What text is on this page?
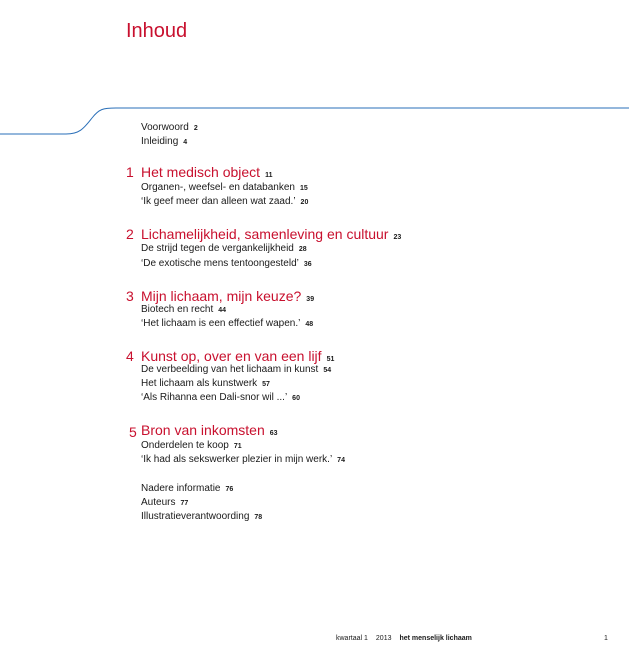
Inhoud
Voorwoord 2
Inleiding 4
1 Het medisch object 11
Organen-, weefsel- en databanken 15
‘Ik geef meer dan alleen wat zaad.’ 20
2 Lichamelijkheid, samenleving en cultuur 23
De strijd tegen de vergankelijkheid 28
‘De exotische mens tentoongesteld’ 36
3 Mijn lichaam, mijn keuze? 39
Biotech en recht 44
‘Het lichaam is een effectief wapen.’ 48
4 Kunst op, over en van een lijf 51
De verbeelding van het lichaam in kunst 54
Het lichaam als kunstwerk 57
‘Als Rihanna een Dali-snor wil ...’ 60
5 Bron van inkomsten 63
Onderdelen te koop 71
‘Ik had als sekswerker plezier in mijn werk.’ 74
Nadere informatie 76
Auteurs 77
Illustratieverantwoording 78
kwartaal 1 2013 het menselijk lichaam	1
